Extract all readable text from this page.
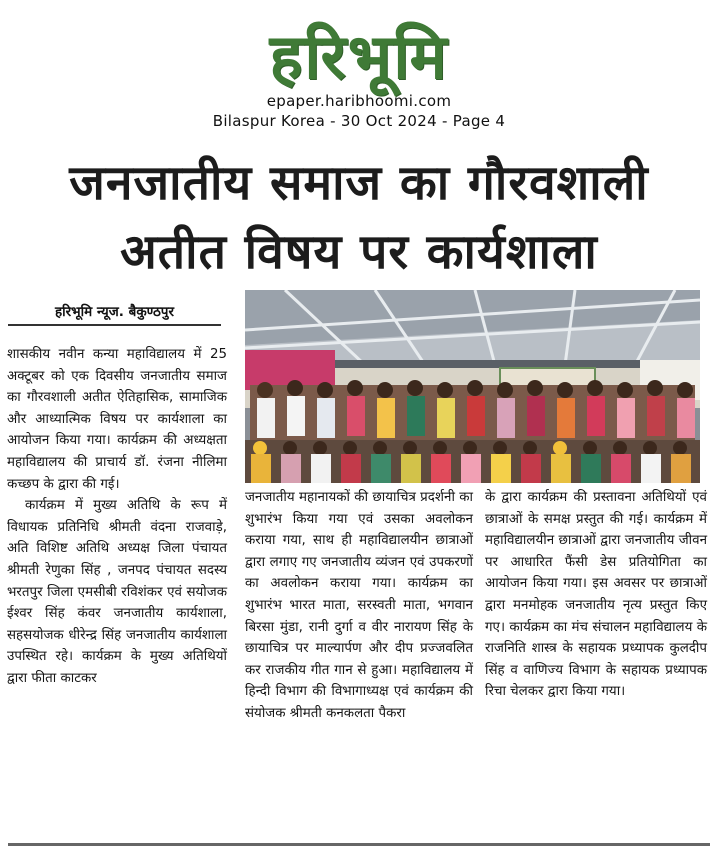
हरिभूमि
epaper.haribhoomi.com
Bilaspur Korea - 30 Oct 2024 - Page 4
जनजातीय समाज का गौरवशाली
अतीत विषय पर कार्यशाला
हरिभूमि न्यूज. बैकुण्ठपुर

शासकीय नवीन कन्या महाविद्यालय में 25 अक्टूबर को एक दिवसीय जनजातीय समाज का गौरवशाली अतीत ऐतिहासिक, सामाजिक और आध्यात्मिक विषय पर कार्यशाला का आयोजन किया गया। कार्यक्रम की अध्यक्षता महाविद्यालय की प्राचार्य डॉ. रंजना नीलिमा कच्छप के द्वारा की गई।

कार्यक्रम में मुख्य अतिथि के रूप में विधायक प्रतिनिधि श्रीमती वंदना राजवाड़े, अति विशिष्ट अतिथि अध्यक्ष जिला पंचायत श्रीमती रेणुका सिंह , जनपद पंचायत सदस्य भरतपुर जिला एमसीबी रविशंकर एवं सयोजक ईश्वर सिंह कंवर जनजातीय कार्यशाला, सहसयोजक धीरेन्द्र सिंह जनजातीय कार्यशाला उपस्थित रहे। कार्यक्रम के मुख्य अतिथियों द्वारा फीता काटकर

जनजातीय महानायकों की छायाचित्र प्रदर्शनी का शुभारंभ किया गया एवं उसका अवलोकन कराया गया, साथ ही महाविद्यालयीन छात्राओं द्वारा लगाए गए जनजातीय व्यंजन एवं उपकरणों का अवलोकन कराया गया। कार्यक्रम का शुभारंभ भारत माता, सरस्वती माता, भगवान बिरसा मुंडा, रानी दुर्गा व वीर नारायण सिंह के छायाचित्र पर माल्यार्पण और दीप प्रज्जवलित कर राजकीय गीत गान से हुआ। महाविद्यालय में हिन्दी विभाग की विभागाध्यक्ष एवं कार्यक्रम की संयोजक श्रीमती कनकलता पैकरा

के द्वारा कार्यक्रम की प्रस्तावना अतिथियों एवं छात्राओं के समक्ष प्रस्तुत की गई। कार्यक्रम में महाविद्यालयीन छात्राओं द्वारा जनजातीय जीवन पर आधारित फैंसी डेस प्रतियोगिता का आयोजन किया गया। इस अवसर पर छात्राओं द्वारा मनमोहक जनजातीय नृत्य प्रस्तुत किए गए। कार्यक्रम का मंच संचालन महाविद्यालय के राजनिति शास्त्र के सहायक प्रध्यापक कुलदीप सिंह व वाणिज्य विभाग के सहायक प्रध्यापक रिचा चेलकर द्वारा किया गया।
